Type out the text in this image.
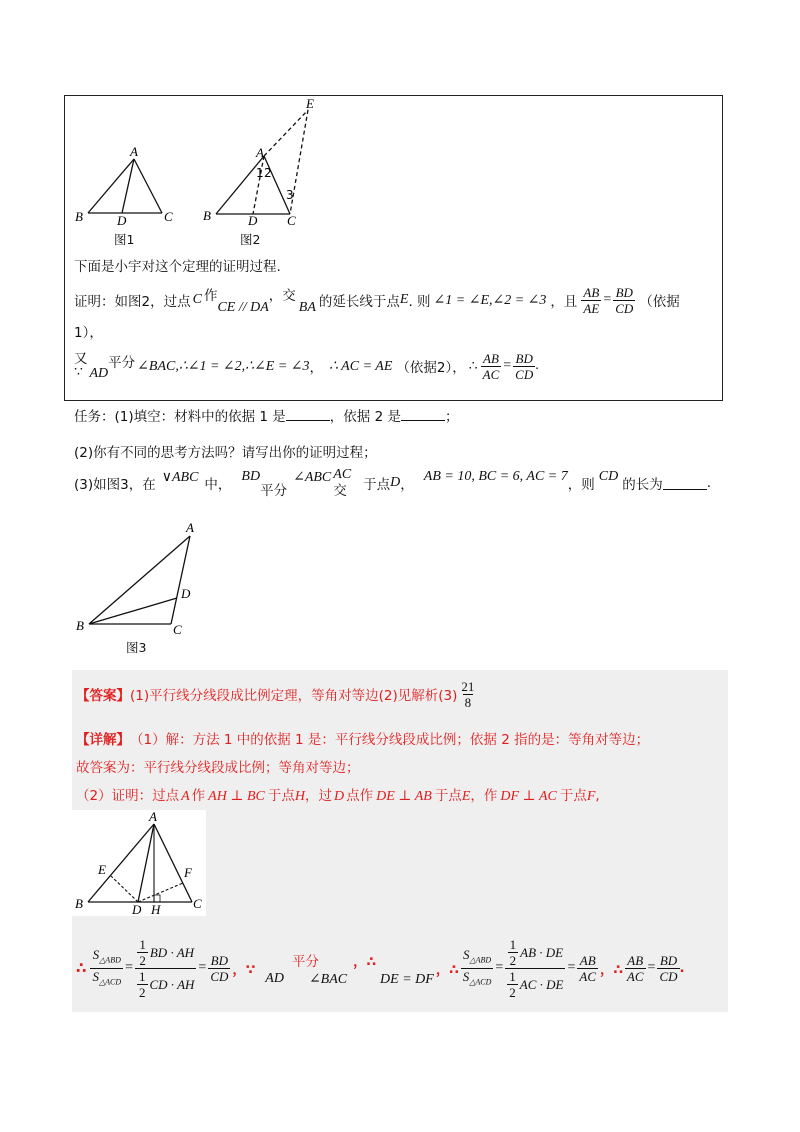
A
B	D	C
图1
E
A
1 2
3
B	D C
图2
下面是小宇对这个定理的证明过程.
证明：如图2，过点 C 作
CE // DA
，交
BA 的延长线于点 E . 则 ∠1 = ∠E,∠2 = ∠3 ，且 $\frac{AB}{AE} = \frac{BD}{CD}$ （依据
1），
又
∵ AD
平分 ∠BAC,∴∠1 = ∠2,∴∠E = ∠3 ， ∴ AC = AE （依据2）， ∴ $\frac{AB}{AC} = \frac{BD}{CD}$ .
任务：(1)填空：材料中的依据 1 是	，依据 2 是	；
(2)你有不同的思考方法吗？请写出你的证明过程；
(3)如图3，在 ∨ABC 中，
BD
平分
∠ABC AC
交	于点 D ，
AB = 10, BC = 6, AC = 7
，则
CD
的长为	.
A
D
B	C
图3
【答案】 (1)平行线分线段成比例定理，等角对等边(2)见解析$(3) \frac{21}{8}$
【详解】 （1）解：方法 1 中的依据 1 是：平行线分线段成比例；依据 2 指的是：等角对等边；
故答案为：平行线分线段成比例；等角对等边；
（2）证明：过点 A 作 AH ⊥ BC 于点 H ，过 D 点作 DE ⊥ AB 于点 E ，作 DF ⊥ AC 于点 F ,
A
E	F
B	D H	C
∴ $\frac{S_{\triangle ABD}}{S_{\triangle ACD}} = \frac{\frac{1}{2} BD \cdot AH}{\frac{1}{2} CD \cdot AH} = \frac{BD}{CD}$ ，∵
AD
平分
∠BAC
，∴
DE = DF
，∴ $\frac{S_{\triangle ABD}}{S_{\triangle ACD}} = \frac{\frac{1}{2} AB \cdot DE}{\frac{1}{2} AC \cdot DE} = \frac{AB}{AC}$ ，∴ $\frac{AB}{AC} = \frac{BD}{CD}$ .
